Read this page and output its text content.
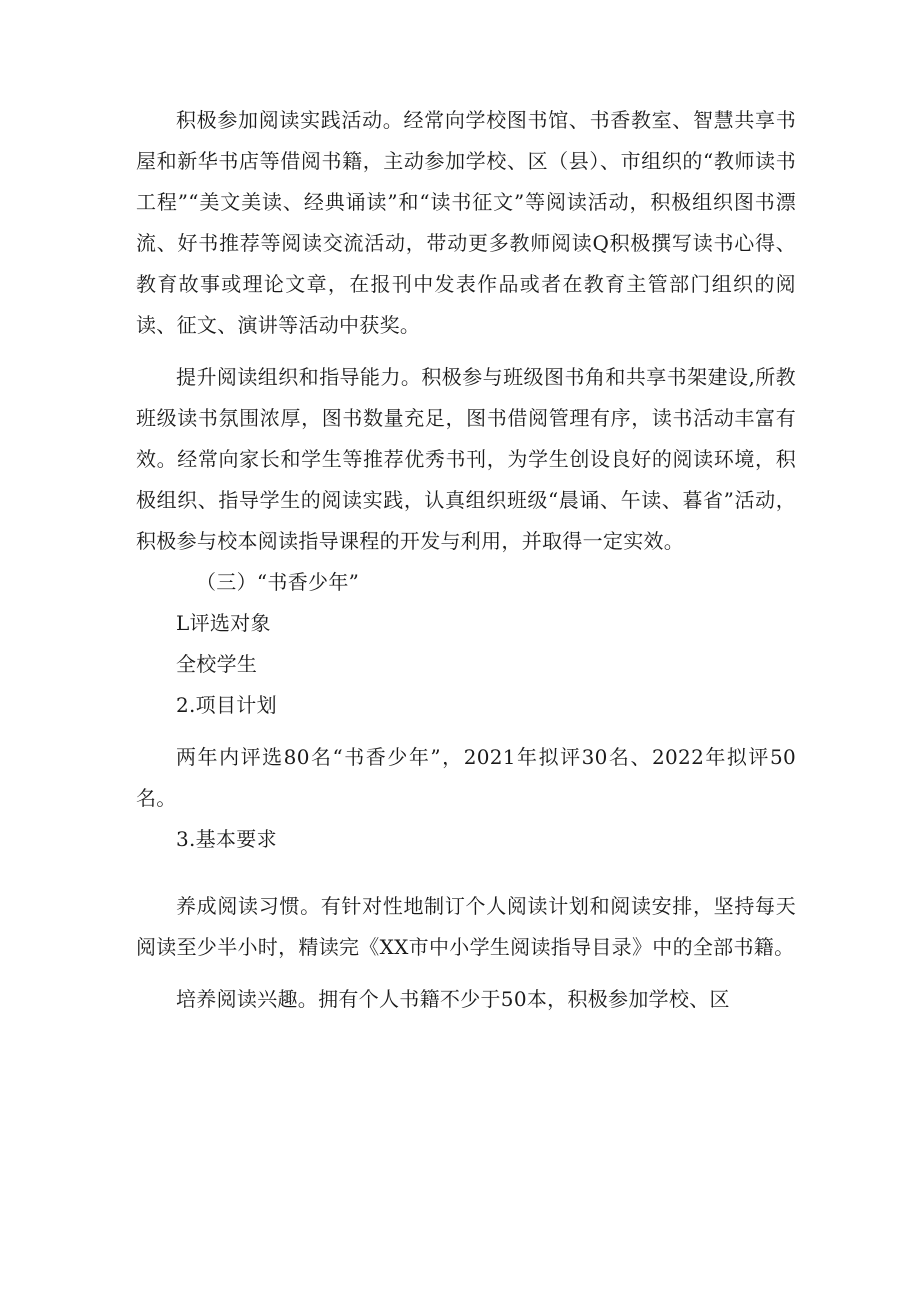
积极参加阅读实践活动。经常向学校图书馆、书香教室、智慧共享书屋和新华书店等借阅书籍，主动参加学校、区（县）、市组织的“教师读书工程”“美文美读、经典诵读”和“读书征文”等阅读活动，积极组织图书漂流、好书推荐等阅读交流活动，带动更多教师阅读Q积极撰写读书心得、教育故事或理论文章，在报刊中发表作品或者在教育主管部门组织的阅读、征文、演讲等活动中获奖。

提升阅读组织和指导能力。积极参与班级图书角和共享书架建设,所教班级读书氛围浓厚，图书数量充足，图书借阅管理有序，读书活动丰富有效。经常向家长和学生等推荐优秀书刊，为学生创设良好的阅读环境，积极组织、指导学生的阅读实践，认真组织班级“晨诵、午读、暮省”活动，积极参与校本阅读指导课程的开发与利用，并取得一定实效。

（三）“书香少年”

L评选对象

全校学生

2.项目计划

两年内评选80名“书香少年”，2021年拟评30名、2022年拟评50名。

3.基本要求

养成阅读习惯。有针对性地制订个人阅读计划和阅读安排，坚持每天阅读至少半小时，精读完《XX市中小学生阅读指导目录》中的全部书籍。

培养阅读兴趣。拥有个人书籍不少于50本，积极参加学校、区
